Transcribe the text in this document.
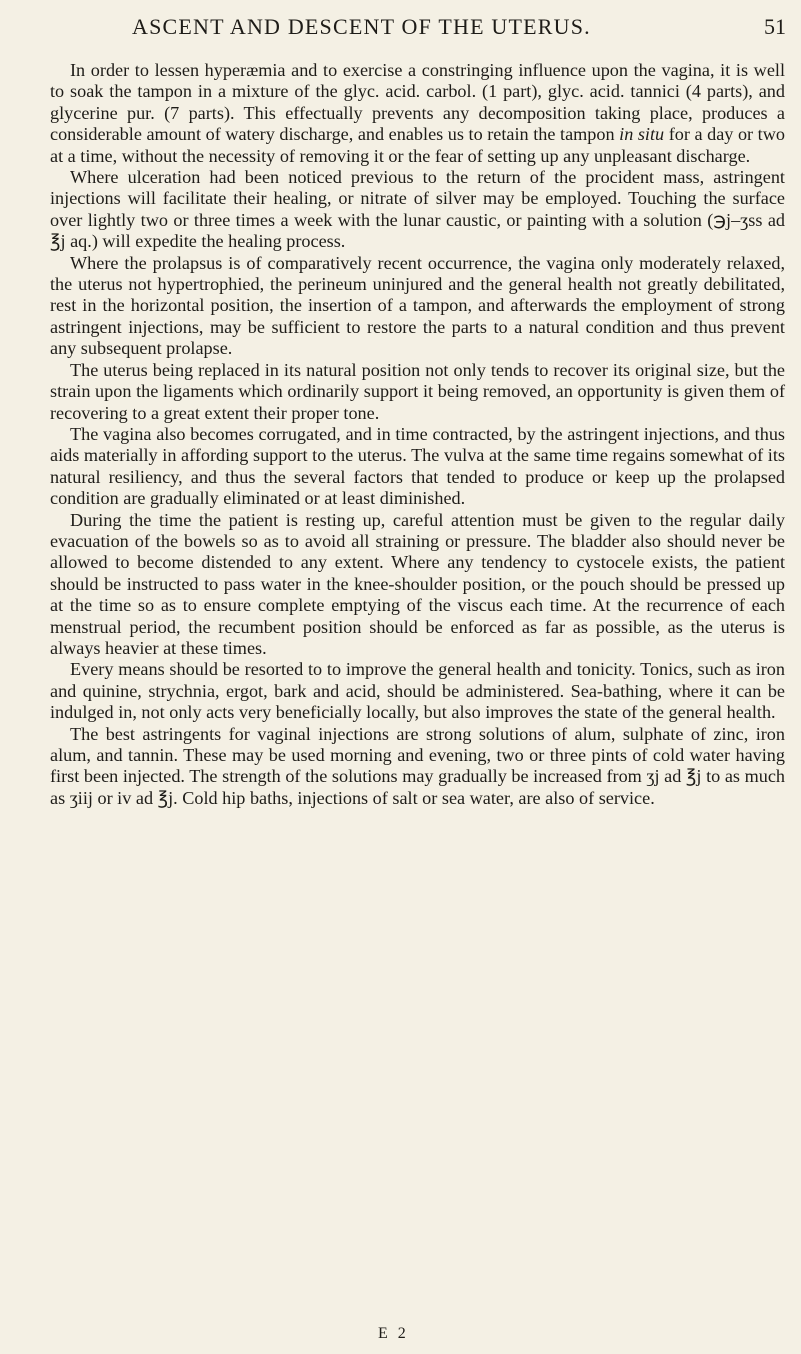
ASCENT AND DESCENT OF THE UTERUS.	51

In order to lessen hyperæmia and to exercise a constringing influence upon the vagina, it is well to soak the tampon in a mixture of the glyc. acid. carbol. (1 part), glyc. acid. tannici (4 parts), and glycerine pur. (7 parts). This effectually prevents any decomposition taking place, produces a considerable amount of watery discharge, and enables us to retain the tampon in situ for a day or two at a time, without the necessity of removing it or the fear of setting up any unpleasant discharge.

Where ulceration had been noticed previous to the return of the procident mass, astringent injections will facilitate their healing, or nitrate of silver may be employed. Touching the surface over lightly two or three times a week with the lunar caustic, or painting with a solution (℈j–ʒss ad ℥j aq.) will expedite the healing process.

Where the prolapsus is of comparatively recent occurrence, the vagina only moderately relaxed, the uterus not hypertrophied, the perineum uninjured and the general health not greatly debilitated, rest in the horizontal position, the insertion of a tampon, and afterwards the employment of strong astringent injections, may be sufficient to restore the parts to a natural condition and thus prevent any subsequent prolapse.

The uterus being replaced in its natural position not only tends to recover its original size, but the strain upon the ligaments which ordinarily support it being removed, an opportunity is given them of recovering to a great extent their proper tone.

The vagina also becomes corrugated, and in time contracted, by the astringent injections, and thus aids materially in affording support to the uterus. The vulva at the same time regains somewhat of its natural resiliency, and thus the several factors that tended to produce or keep up the prolapsed condition are gradually eliminated or at least diminished.

During the time the patient is resting up, careful attention must be given to the regular daily evacuation of the bowels so as to avoid all straining or pressure. The bladder also should never be allowed to become distended to any extent. Where any tendency to cystocele exists, the patient should be instructed to pass water in the knee-shoulder position, or the pouch should be pressed up at the time so as to ensure complete emptying of the viscus each time. At the recurrence of each menstrual period, the recumbent position should be enforced as far as possible, as the uterus is always heavier at these times.

Every means should be resorted to to improve the general health and tonicity. Tonics, such as iron and quinine, strychnia, ergot, bark and acid, should be administered. Sea-bathing, where it can be indulged in, not only acts very beneficially locally, but also improves the state of the general health.

The best astringents for vaginal injections are strong solutions of alum, sulphate of zinc, iron alum, and tannin. These may be used morning and evening, two or three pints of cold water having first been injected. The strength of the solutions may gradually be increased from ʒj ad ℥j to as much as ʒiij or iv ad ℥j. Cold hip baths, injections of salt or sea water, are also of service.

E 2
